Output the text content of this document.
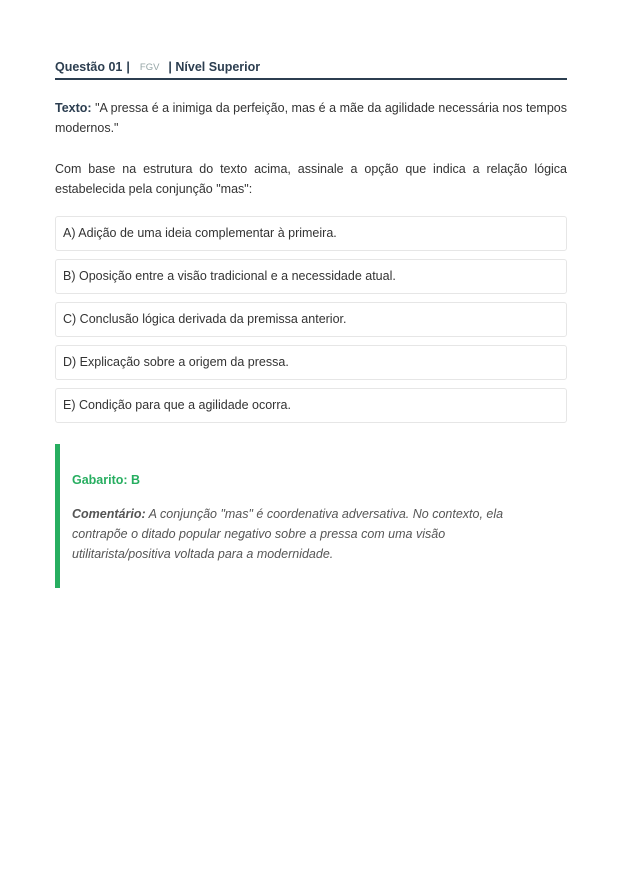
Questão 01 | FGV | Nível Superior
Texto: "A pressa é a inimiga da perfeição, mas é a mãe da agilidade necessária nos tempos modernos."
Com base na estrutura do texto acima, assinale a opção que indica a relação lógica estabelecida pela conjunção "mas":
A) Adição de uma ideia complementar à primeira.
B) Oposição entre a visão tradicional e a necessidade atual.
C) Conclusão lógica derivada da premissa anterior.
D) Explicação sobre a origem da pressa.
E) Condição para que a agilidade ocorra.
Gabarito: B
Comentário: A conjunção "mas" é coordenativa adversativa. No contexto, ela contrapõe o ditado popular negativo sobre a pressa com uma visão utilitarista/positiva voltada para a modernidade.
